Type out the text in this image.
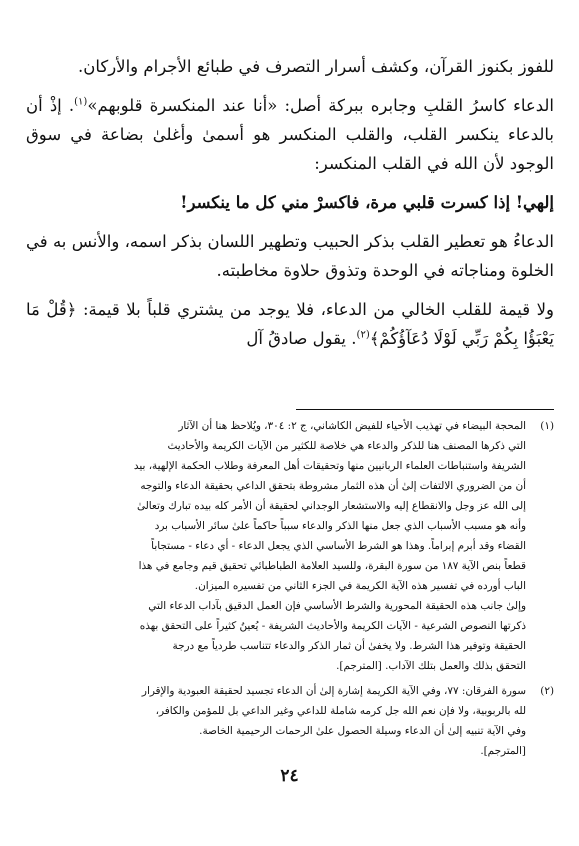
للفوز بكنوز القرآن، وكشف أسرار التصرف في طبائع الأجرام والأركان.

الدعاء كاسرُ القلبِ وجابره ببركة أصل: «أنا عند المنكسرة قلوبهم»$^{(١)}$. إذْ أن بالدعاء ينكسر القلب، والقلب المنكسر هو أسمىٰ وأغلىٰ بضاعة في سوق الوجود لأن الله في القلب المنكسر:

إلهي! إذا كسرت قلبي مرة، فاكسرْ مني كل ما ينكسر!

الدعاءُ هو تعطير القلب بذكر الحبيب وتطهير اللسان بذكر اسمه، والأنس به في الخلوة ومناجاته في الوحدة وتذوق حلاوة مخاطبته.

ولا قيمة للقلب الخالي من الدعاء، فلا يوجد من يشتري قلباً بلا قيمة: ﴿قُلْ مَا يَعْبَؤُا بِكُمْ رَبِّي لَوْلَا دُعَآؤُكُمْ﴾$^{(٢)}$. يقول صادقُ آل

(١)
المحجة البيضاء في تهذيب الأحياء للفيض الكاشاني، ج ٢: ٣٠٤، ويُلاحظ هنا أن الآثار
التي ذكرها المصنف هنا للذكر والدعاء هي خلاصة للكثير من الآيات الكريمة والأحاديث
الشريفة واستنباطات العلماء الربانيين منها وتحقيقات أهل المعرفة وطلاب الحكمة الإلهية، بيد
أن من الضروري الالتفات إلىٰ أن هذه الثمار مشروطة بتحقق الداعي بحقيقة الدعاء والتوجه
إلى الله عز وجل والانقطاع إليه والاستشعار الوجداني لحقيقة أن الأمر كله بيده تبارك وتعالىٰ
وأنه هو مسبب الأسباب الذي جعل منها الذكر والدعاء سبباً حاكماً علىٰ سائر الأسباب برد
القضاء وقد أبرم إبراماً. وهذا هو الشرط الأساسي الذي يجعل الدعاء - أي دعاء - مستجاباً
قطعاً بنص الآية ١٨٧ من سورة البقرة، وللسيد العلامة الطباطبائي تحقيق قيم وجامع في هذا
الباب أورده في تفسير هذه الآية الكريمة في الجزء الثاني من تفسيره الميزان.
وإلىٰ جانب هذه الحقيقة المحورية والشرط الأساسي فإن العمل الدقيق بآداب الدعاء التي
ذكرتها النصوص الشرعية - الآيات الكريمة والأحاديث الشريفة - يُعينُ كثيراً على التحقق بهذه
الحقيقة وتوفير هذا الشرط. ولا يخفىٰ أن ثمار الذكر والدعاء تتناسب طردياً مع درجة
التحقق بذلك والعمل بتلك الآداب. [المترجم].
(٢)
سورة الفرقان: ٧٧، وفي الآية الكريمة إشارة إلىٰ أن الدعاء تجسيد لحقيقة العبودية والإقرار
لله بالربوبية، ولا فإن نعم الله جل كرمه شاملة للداعي وغير الداعي بل للمؤمن والكافر،
وفي الآية تنبيه إلىٰ أن الدعاء وسيلة الحصول علىٰ الرحمات الرحيمية الخاصة.
[المترجم].
٢٤
